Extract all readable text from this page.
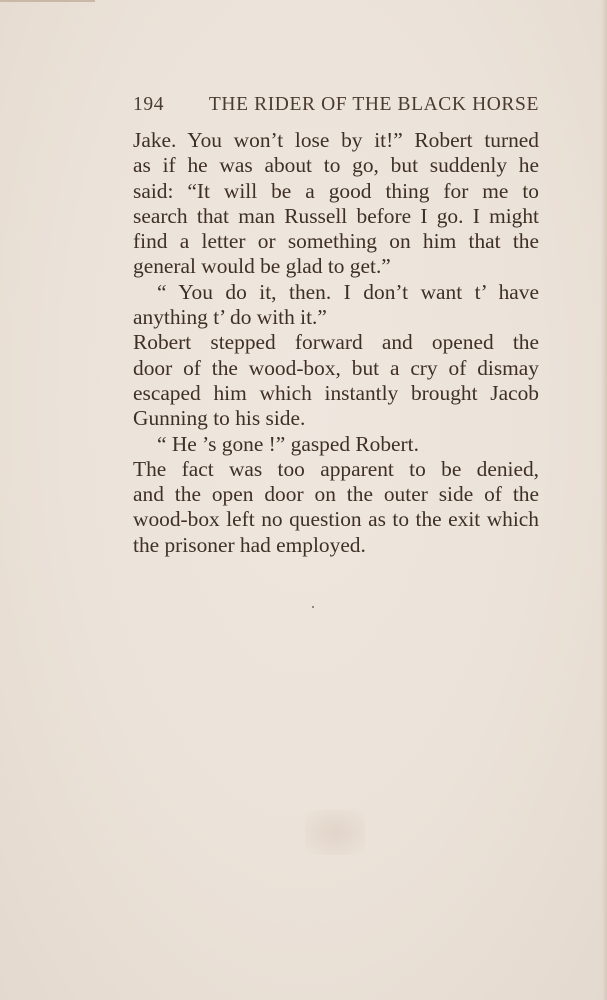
194 THE RIDER OF THE BLACK HORSE
Jake. You won’t lose by it!” Robert turned
as if he was about to go, but suddenly he
said: “It will be a good thing for me to
search that man Russell before I go. I might
find a letter or something on him that the
general would be glad to get.”
“ You do it, then. I don’t want t’ have
anything t’ do with it.”
Robert stepped forward and opened the
door of the wood-box, but a cry of dismay
escaped him which instantly brought Jacob
Gunning to his side.
“ He ’s gone !” gasped Robert.
The fact was too apparent to be denied,
and the open door on the outer side of the
wood-box left no question as to the exit which
the prisoner had employed.
